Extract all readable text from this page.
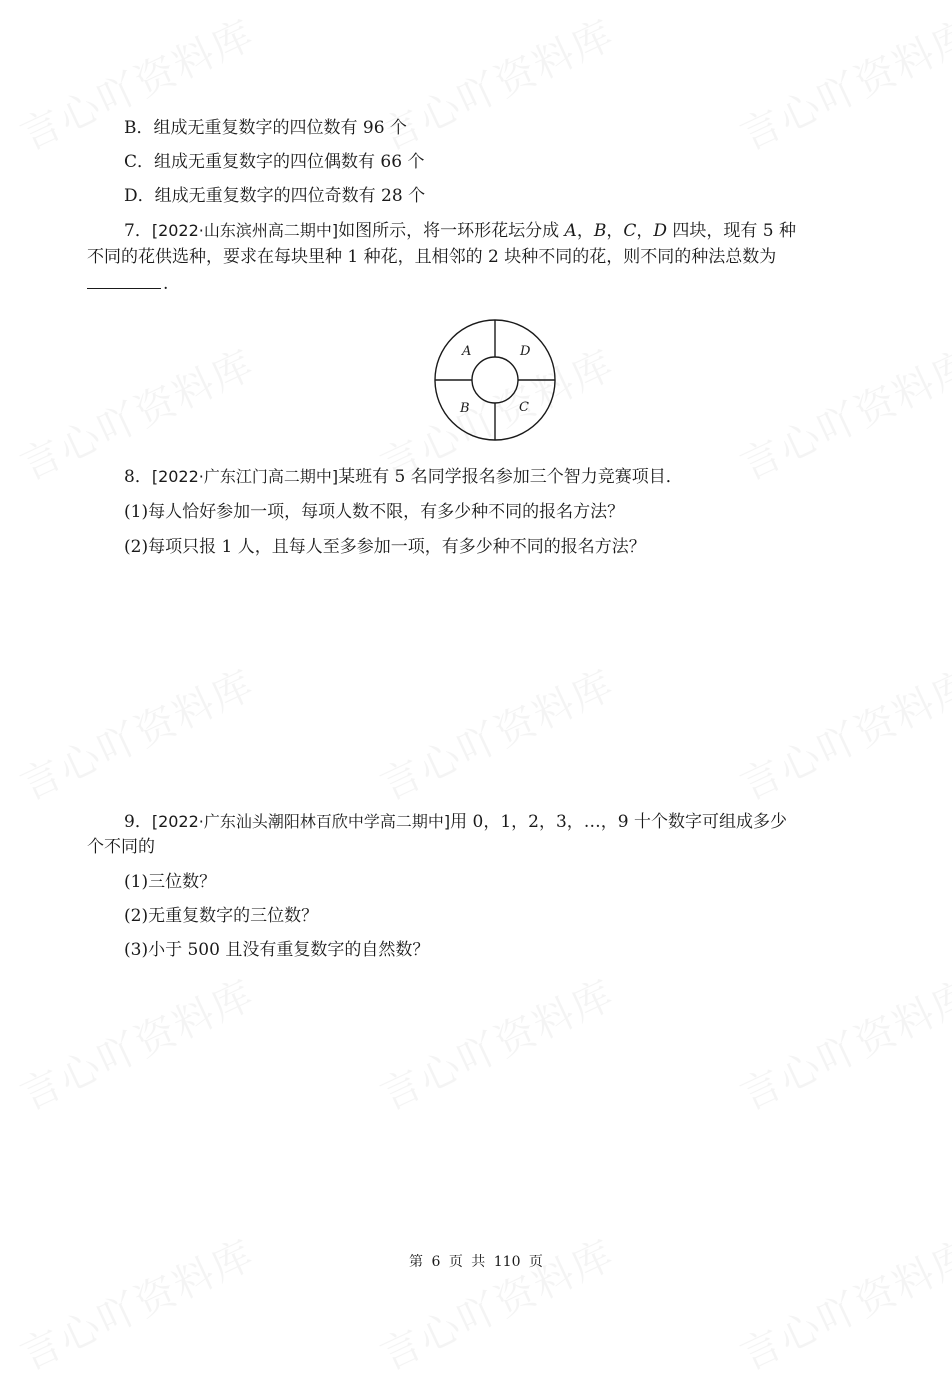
B．组成无重复数字的四位数有 96 个
C．组成无重复数字的四位偶数有 66 个
D．组成无重复数字的四位奇数有 28 个
7．[2022·山东滨州高二期中]如图所示，将一环形花坛分成 A，B，C，D 四块，现有 5 种
不同的花供选种，要求在每块里种 1 种花，且相邻的 2 块种不同的花，则不同的种法总数为
.
A	D
B	C
8．[2022·广东江门高二期中]某班有 5 名同学报名参加三个智力竞赛项目．
(1)每人恰好参加一项，每项人数不限，有多少种不同的报名方法？
(2)每项只报 1 人，且每人至多参加一项，有多少种不同的报名方法？
9．[2022·广东汕头潮阳林百欣中学高二期中]用 0，1，2，3，…，9 十个数字可组成多少
个不同的
(1)三位数？
(2)无重复数字的三位数？
(3)小于 500 且没有重复数字的自然数？
第 6 页 共 110 页
